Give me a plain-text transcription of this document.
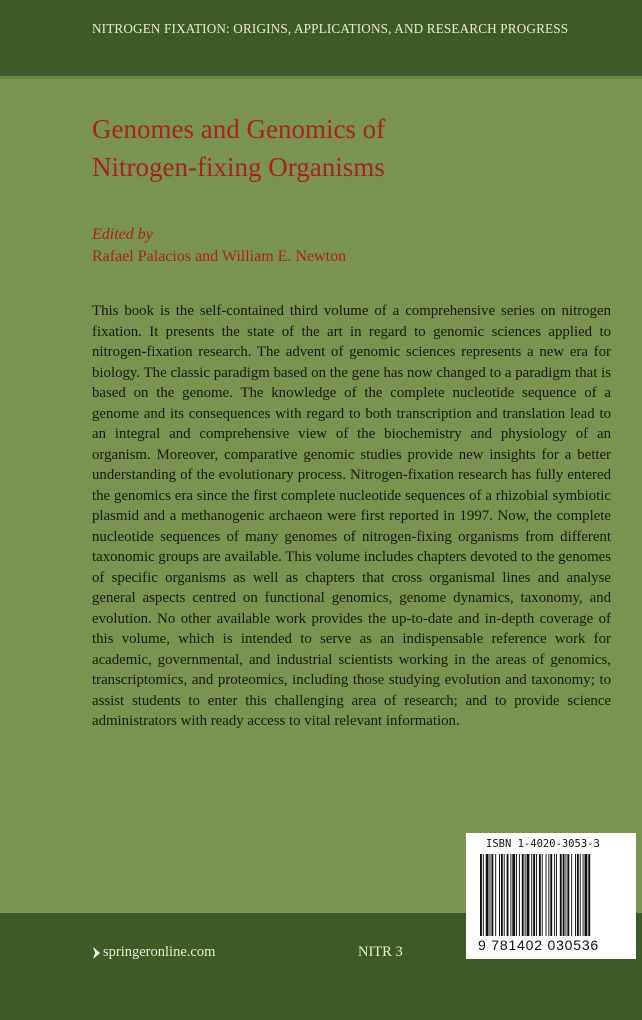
NITROGEN FIXATION: ORIGINS, APPLICATIONS, AND RESEARCH PROGRESS
Genomes and Genomics of
Nitrogen-fixing Organisms
Edited by
Rafael Palacios and William E. Newton

This book is the self-contained third volume of a comprehensive series on nitrogen fixation. It presents the state of the art in regard to genomic sciences applied to nitrogen-fixation research. The advent of genomic sciences represents a new era for biology. The classic paradigm based on the gene has now changed to a paradigm that is based on the genome. The knowledge of the complete nucleotide sequence of a genome and its consequences with regard to both transcription and translation lead to an integral and comprehensive view of the biochemistry and physiology of an organism. Moreover, comparative genomic studies provide new insights for a better understanding of the evolutionary process. Nitrogen-fixation research has fully entered the genomics era since the first complete nucleotide sequences of a rhizobial symbiotic plasmid and a methanogenic archaeon were first reported in 1997. Now, the complete nucleotide sequences of many genomes of nitrogen-fixing organisms from different taxonomic groups are available. This volume includes chapters devoted to the genomes of specific organisms as well as chapters that cross organismal lines and analyse general aspects centred on functional genomics, genome dynamics, taxonomy, and evolution. No other available work provides the up-to-date and in-depth coverage of this volume, which is intended to serve as an indispensable reference work for academic, governmental, and industrial scientists working in the areas of genomics, transcriptomics, and proteomics, including those studying evolution and taxonomy; to assist students to enter this challenging area of research; and to provide science administrators with ready access to vital relevant information.

springeronline.com	NITR 3
ISBN 1-4020-3053-3
9 781402 030536
